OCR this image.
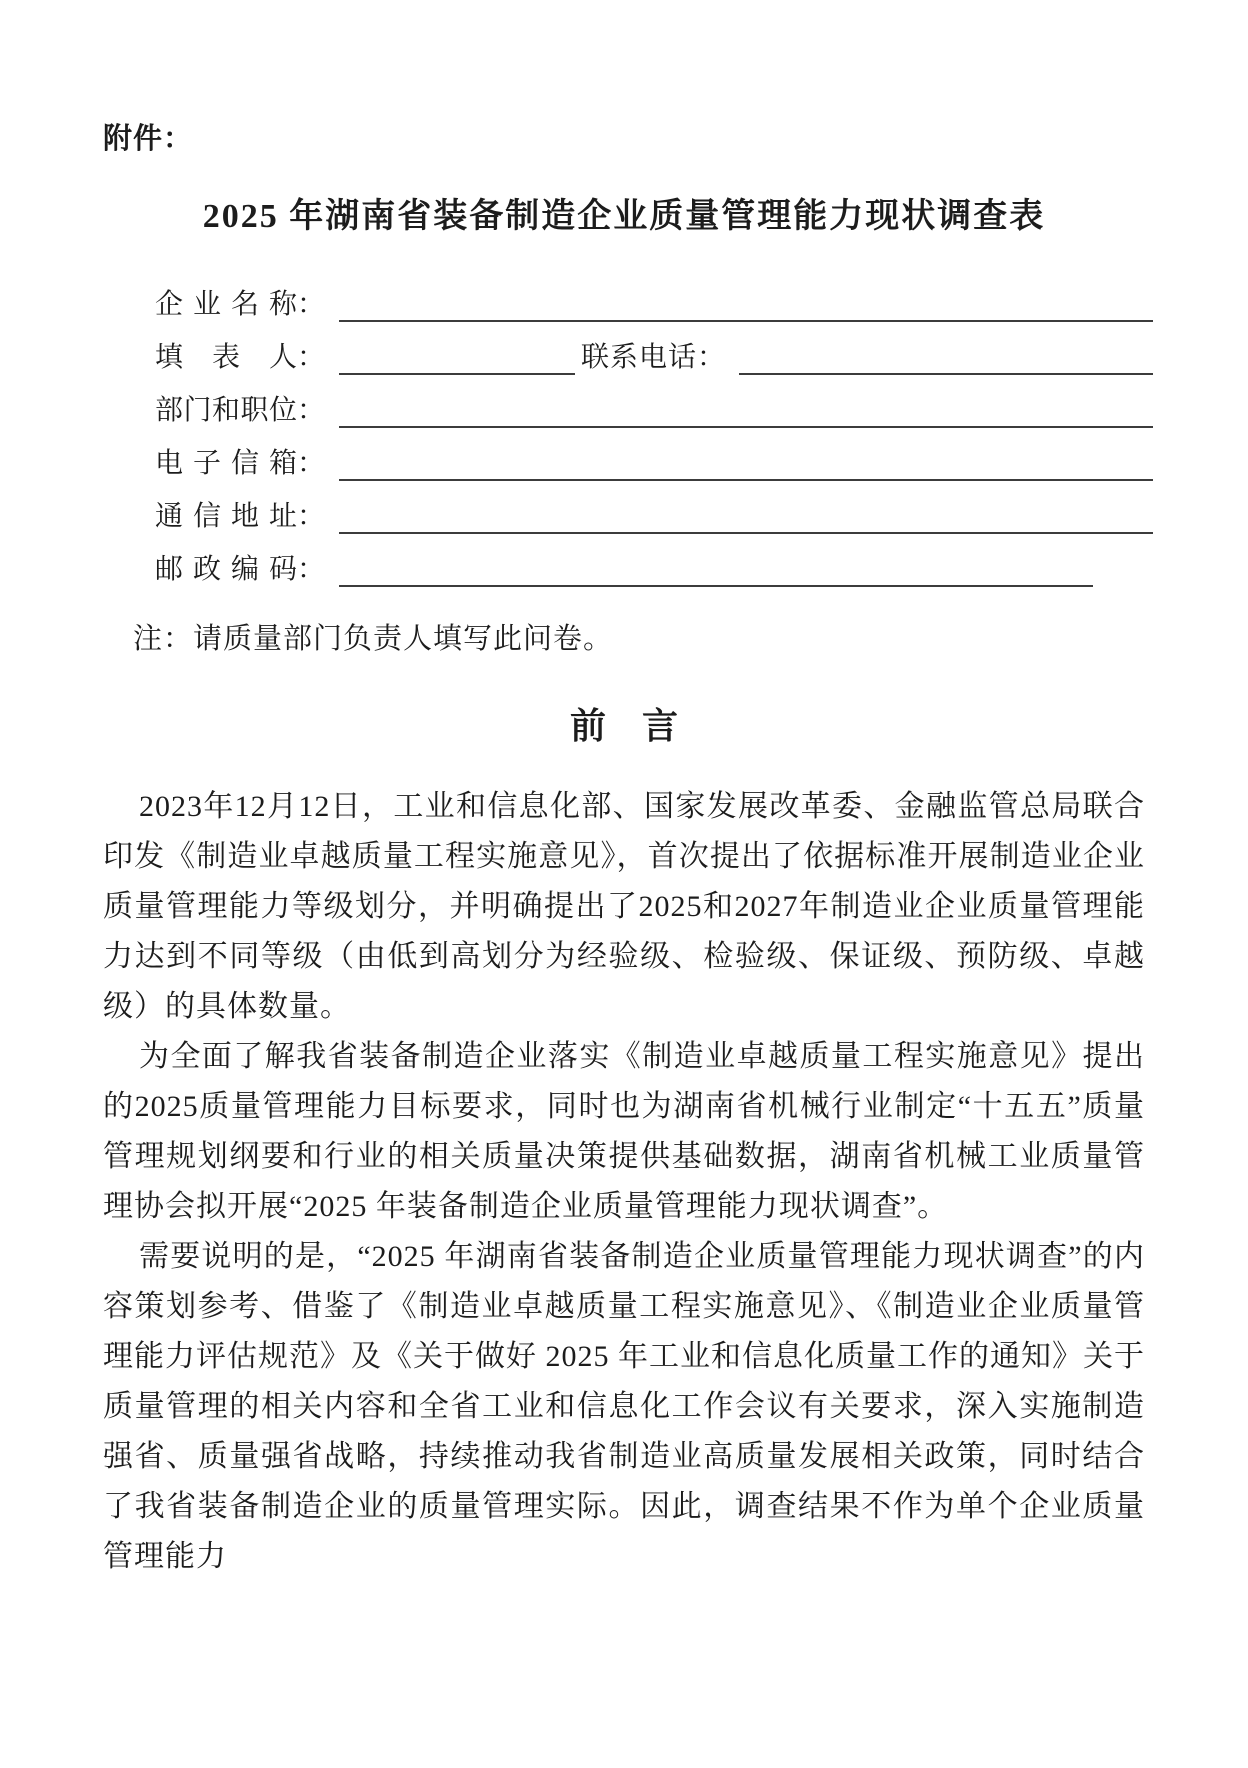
附件：
2025 年湖南省装备制造企业质量管理能力现状调查表
企业名称 ：
填表人 ：	联系电话 ：
部门和职位 ：
电子信箱 ：
通信地址 ：
邮政编码 ：
注：请质量部门负责人填写此问卷。
前　言

2023年12月12日，工业和信息化部、国家发展改革委、金融监管总局联合印发《制造业卓越质量工程实施意见》，首次提出了依据标准开展制造业企业质量管理能力等级划分，并明确提出了2025和2027年制造业企业质量管理能力达到不同等级（由低到高划分为经验级、检验级、保证级、预防级、卓越级）的具体数量。

为全面了解我省装备制造企业落实《制造业卓越质量工程实施意见》提出的2025质量管理能力目标要求，同时也为湖南省机械行业制定“十五五”质量管理规划纲要和行业的相关质量决策提供基础数据，湖南省机械工业质量管理协会拟开展“2025 年装备制造企业质量管理能力现状调查”。

需要说明的是，“2025 年湖南省装备制造企业质量管理能力现状调查”的内容策划参考、借鉴了《制造业卓越质量工程实施意见》、《制造业企业质量管理能力评估规范》及《关于做好 2025 年工业和信息化质量工作的通知》关于质量管理的相关内容和全省工业和信息化工作会议有关要求，深入实施制造强省、质量强省战略，持续推动我省制造业高质量发展相关政策，同时结合了我省装备制造企业的质量管理实际。因此，调查结果不作为单个企业质量管理能力
